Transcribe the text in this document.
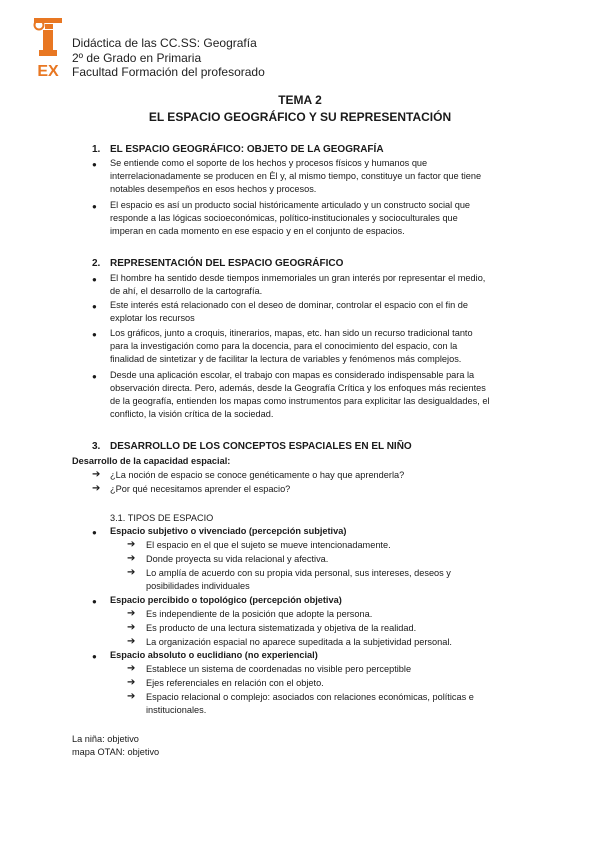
EX
Didáctica de las CC.SS: Geografía
2º de Grado en Primaria
Facultad Formación del profesorado
TEMA 2
EL ESPACIO GEOGRÁFICO Y SU REPRESENTACIÓN
1. EL ESPACIO GEOGRÁFICO: OBJETO DE LA GEOGRAFÍA
● Se entiende como el soporte de los hechos y procesos físicos y humanos que
interrelacionadamente se producen en Èl y, al mismo tiempo, constituye un factor que tiene
notables desempeños en esos hechos y procesos.
● El espacio es así un producto social históricamente articulado y un constructo social que
responde a las lógicas socioeconómicas, político-institucionales y socioculturales que
imperan en cada momento en ese espacio y en el conjunto de espacios.
2. REPRESENTACIÓN DEL ESPACIO GEOGRÁFICO
● El hombre ha sentido desde tiempos inmemoriales un gran interés por representar el medio,
de ahí, el desarrollo de la cartografía.
● Este interés está relacionado con el deseo de dominar, controlar el espacio con el fin de
explotar los recursos
● Los gráficos, junto a croquis, itinerarios, mapas, etc. han sido un recurso tradicional tanto
para la investigación como para la docencia, para el conocimiento del espacio, con la
finalidad de sintetizar y de facilitar la lectura de variables y fenómenos más complejos.
● Desde una aplicación escolar, el trabajo con mapas es considerado indispensable para la
observación directa. Pero, además, desde la Geografía Crítica y los enfoques más recientes
de la geografía, entienden los mapas como instrumentos para explicitar las desigualdades, el
conflicto, la visión crítica de la sociedad.
3. DESARROLLO DE LOS CONCEPTOS ESPACIALES EN EL NIÑO
Desarrollo de la capacidad espacial:
➔ ¿La noción de espacio se conoce genéticamente o hay que aprenderla?
➔ ¿Por qué necesitamos aprender el espacio?
3.1. TIPOS DE ESPACIO
● Espacio subjetivo o vivenciado (percepción subjetiva)
➔ El espacio en el que el sujeto se mueve intencionadamente.
➔ Donde proyecta su vida relacional y afectiva.
➔ Lo amplía de acuerdo con su propia vida personal, sus intereses, deseos y
posibilidades individuales
● Espacio percibido o topológico (percepción objetiva)
➔ Es independiente de la posición que adopte la persona.
➔ Es producto de una lectura sistematizada y objetiva de la realidad.
➔ La organización espacial no aparece supeditada a la subjetividad personal.
● Espacio absoluto o euclidiano (no experiencial)
➔ Establece un sistema de coordenadas no visible pero perceptible
➔ Ejes referenciales en relación con el objeto.
➔ Espacio relacional o complejo: asociados con relaciones económicas, políticas e
institucionales.
La niña: objetivo
mapa OTAN: objetivo
